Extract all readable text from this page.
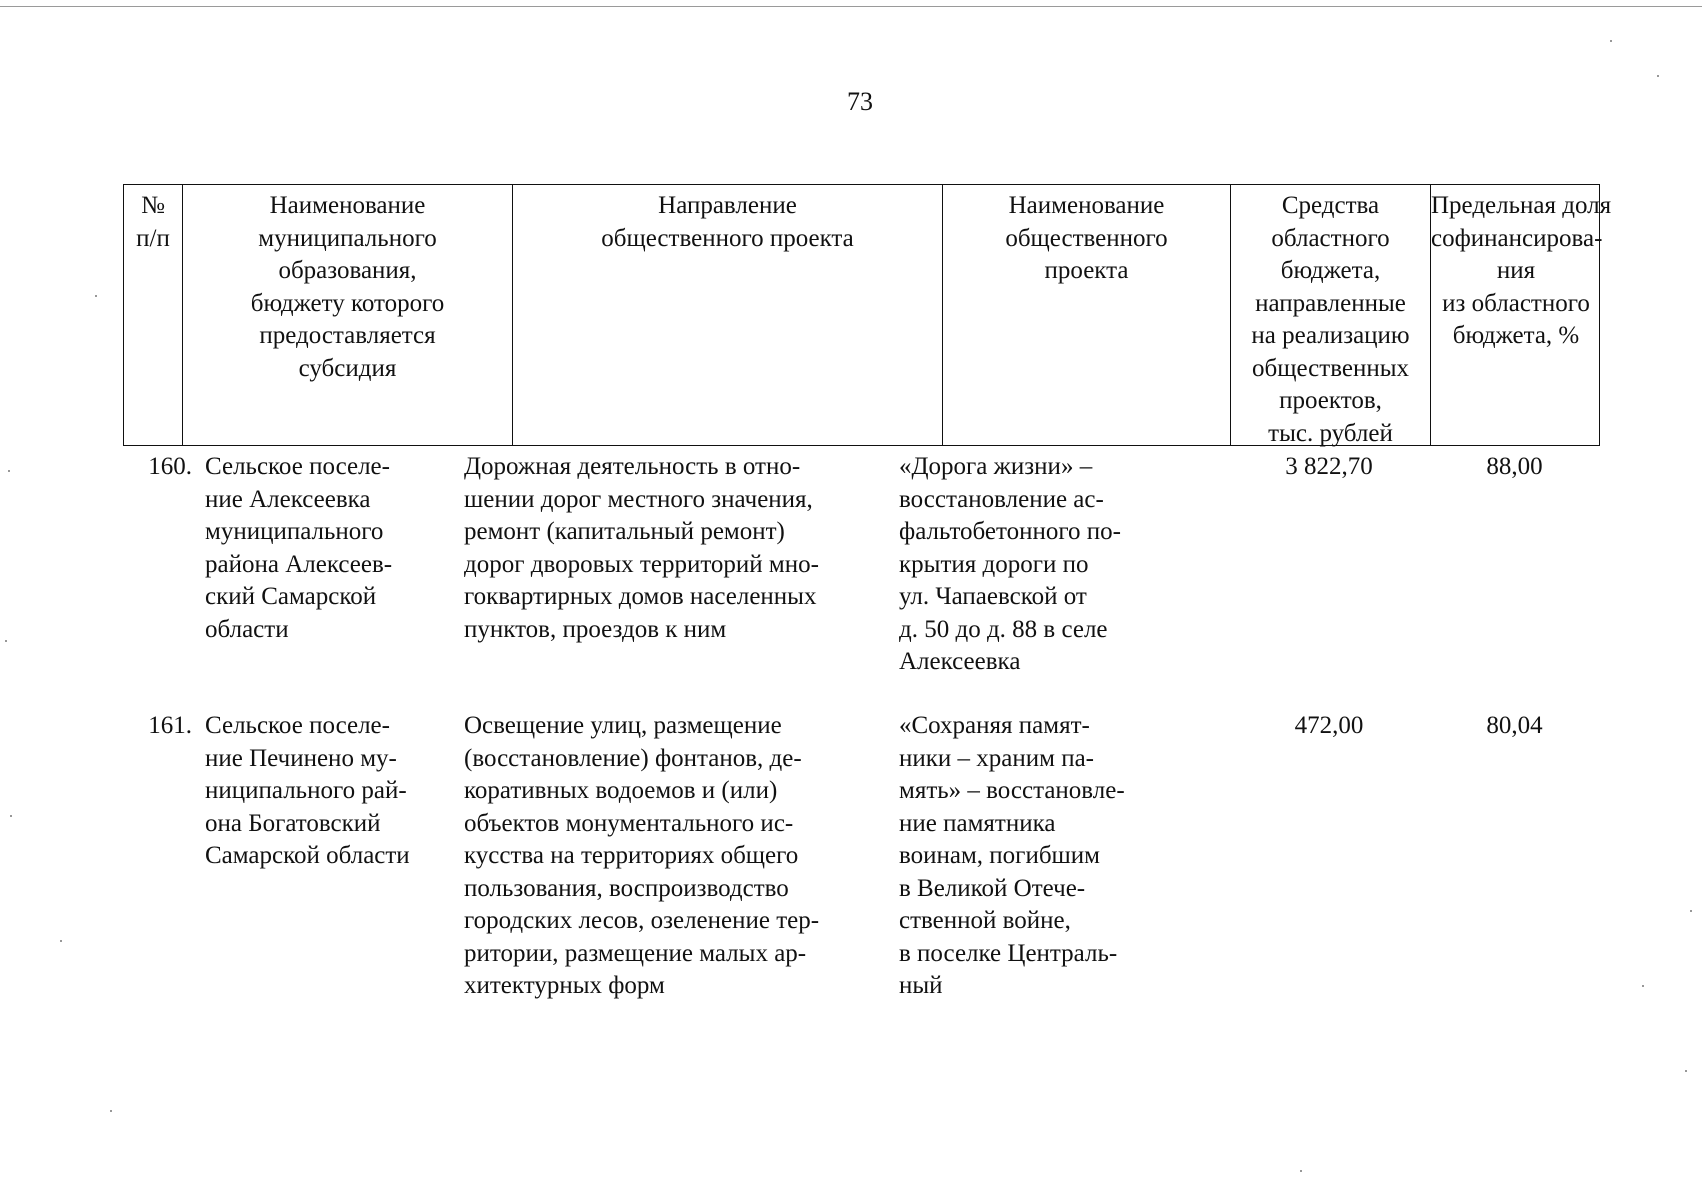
73
№
п/п
Наименование
муниципального
образования,
бюджету которого
предоставляется
субсидия
Направление
общественного проекта
Наименование
общественного
проекта
Средства
областного
бюджета,
направленные
на реализацию
общественных
проектов,
тыс. рублей
Предельная доля
софинансирова-
ния
из областного
бюджета, %
160. Сельское поселе-
ние Алексеевка
муниципального
района Алексеев-
ский Самарской
области
Дорожная деятельность в отно-
шении дорог местного значения,
ремонт (капитальный ремонт)
дорог дворовых территорий мно-
гоквартирных домов населенных
пунктов, проездов к ним
«Дорога жизни» –
восстановление ас-
фальтобетонного по-
крытия дороги по
ул. Чапаевской от
д. 50 до д. 88 в селе
Алексеевка
3 822,70	88,00
161. Сельское поселе-
ние Печинено му-
ниципального рай-
она Богатовский
Самарской области
Освещение улиц, размещение
(восстановление) фонтанов, де-
коративных водоемов и (или)
объектов монументального ис-
кусства на территориях общего
пользования, воспроизводство
городских лесов, озеленение тер-
ритории, размещение малых ар-
хитектурных форм
«Сохраняя памят-
ники – храним па-
мять» – восстановле-
ние памятника
воинам, погибшим
в Великой Отече-
ственной войне,
в поселке Централь-
ный
472,00	80,04
